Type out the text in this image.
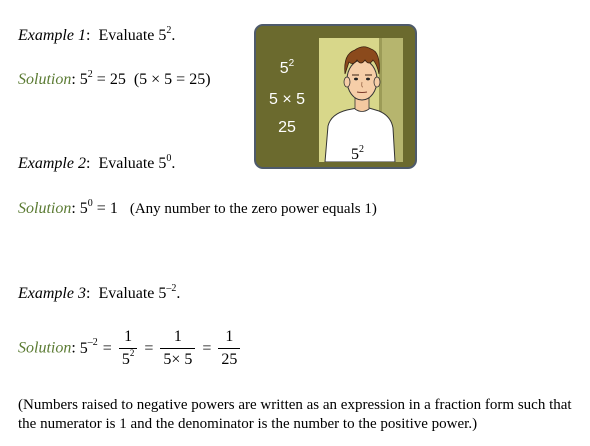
Example 1:  Evaluate $5^2$.
Solution: $5^2 = 25$  (5 × 5 = 25)
$5^2$
5 × 5
25
$5^2$
Example 2:  Evaluate $5^0$.
Solution: $5^0 = 1$ (Any number to the zero power equals 1)
Example 3:  Evaluate $5^{-2}$.
Solution: $5^{-2} = \frac{1}{5^2} = \frac{1}{5\times 5} = \frac{1}{25}$
(Numbers raised to negative powers are written as an expression in a fraction form such that the numerator is 1 and the denominator is the number to the positive power.)
